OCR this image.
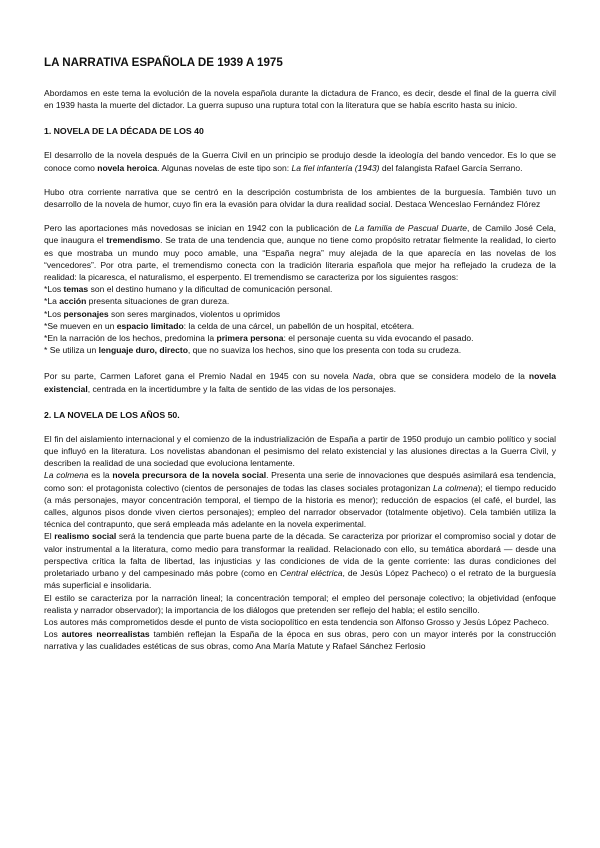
LA NARRATIVA ESPAÑOLA DE 1939 A 1975

Abordamos en este tema la evolución de la novela española durante la dictadura de Franco, es decir, desde el final de la guerra civil en 1939 hasta la muerte del dictador. La guerra supuso una ruptura total con la literatura que se había escrito hasta su inicio.

1. NOVELA DE LA DÉCADA DE LOS 40

El desarrollo de la novela después de la Guerra Civil en un principio se produjo desde la ideología del bando vencedor. Es lo que se conoce como novela heroica. Algunas novelas de este tipo son: La fiel infantería (1943) del falangista Rafael García Serrano.

Hubo otra corriente narrativa que se centró en la descripción costumbrista de los ambientes de la burguesía. También tuvo un desarrollo de la novela de humor, cuyo fin era la evasión para olvidar la dura realidad social. Destaca Wenceslao Fernández Flórez

Pero las aportaciones más novedosas se inician en 1942 con la publicación de La familia de Pascual Duarte, de Camilo José Cela, que inaugura el tremendismo. Se trata de una tendencia que, aunque no tiene como propósito retratar fielmente la realidad, lo cierto es que mostraba un mundo muy poco amable, una “España negra” muy alejada de la que aparecía en las novelas de los “vencedores”. Por otra parte, el tremendismo conecta con la tradición literaria española que mejor ha reflejado la crudeza de la realidad: la picaresca, el naturalismo, el esperpento. El tremendismo se caracteriza por los siguientes rasgos:

*Los temas son el destino humano y la dificultad de comunicación personal.
*La acción presenta situaciones de gran dureza.
*Los personajes son seres marginados, violentos u oprimidos
*Se mueven en un espacio limitado: la celda de una cárcel, un pabellón de un hospital, etcétera.
*En la narración de los hechos, predomina la primera persona: el personaje cuenta su vida evocando el pasado.
* Se utiliza un lenguaje duro, directo, que no suaviza los hechos, sino que los presenta con toda su crudeza.

Por su parte, Carmen Laforet gana el Premio Nadal en 1945 con su novela Nada, obra que se considera modelo de la novela existencial, centrada en la incertidumbre y la falta de sentido de las vidas de los personajes.

2. LA NOVELA DE LOS AÑOS 50.

El fin del aislamiento internacional y el comienzo de la industrialización de España a partir de 1950 produjo un cambio político y social que influyó en la literatura. Los novelistas abandonan el pesimismo del relato existencial y las alusiones directas a la Guerra Civil, y describen la realidad de una sociedad que evoluciona lentamente.

La colmena es la novela precursora de la novela social. Presenta una serie de innovaciones que después asimilará esa tendencia, como son: el protagonista colectivo (cientos de personajes de todas las clases sociales protagonizan La colmena); el tiempo reducido (a más personajes, mayor concentración temporal, el tiempo de la historia es menor); reducción de espacios (el café, el burdel, las calles, algunos pisos donde viven ciertos personajes); empleo del narrador observador (totalmente objetivo). Cela también utiliza la técnica del contrapunto, que será empleada más adelante en la novela experimental.

El realismo social será la tendencia que parte buena parte de la década. Se caracteriza por priorizar el compromiso social y dotar de valor instrumental a la literatura, como medio para transformar la realidad. Relacionado con ello, su temática abordará — desde una perspectiva crítica la falta de libertad, las injusticias y las condiciones de vida de la gente corriente: las duras condiciones del proletariado urbano y del campesinado más pobre (como en Central eléctrica, de Jesús López Pacheco) o el retrato de la burguesía más superficial e insolidaria.

El estilo se caracteriza por la narración lineal; la concentración temporal; el empleo del personaje colectivo; la objetividad (enfoque realista y narrador observador); la importancia de los diálogos que pretenden ser reflejo del habla; el estilo sencillo.

Los autores más comprometidos desde el punto de vista sociopolítico en esta tendencia son Alfonso Grosso y Jesús López Pacheco.

Los autores neorrealistas también reflejan la España de la época en sus obras, pero con un mayor interés por la construcción narrativa y las cualidades estéticas de sus obras, como Ana María Matute y Rafael Sánchez Ferlosio
